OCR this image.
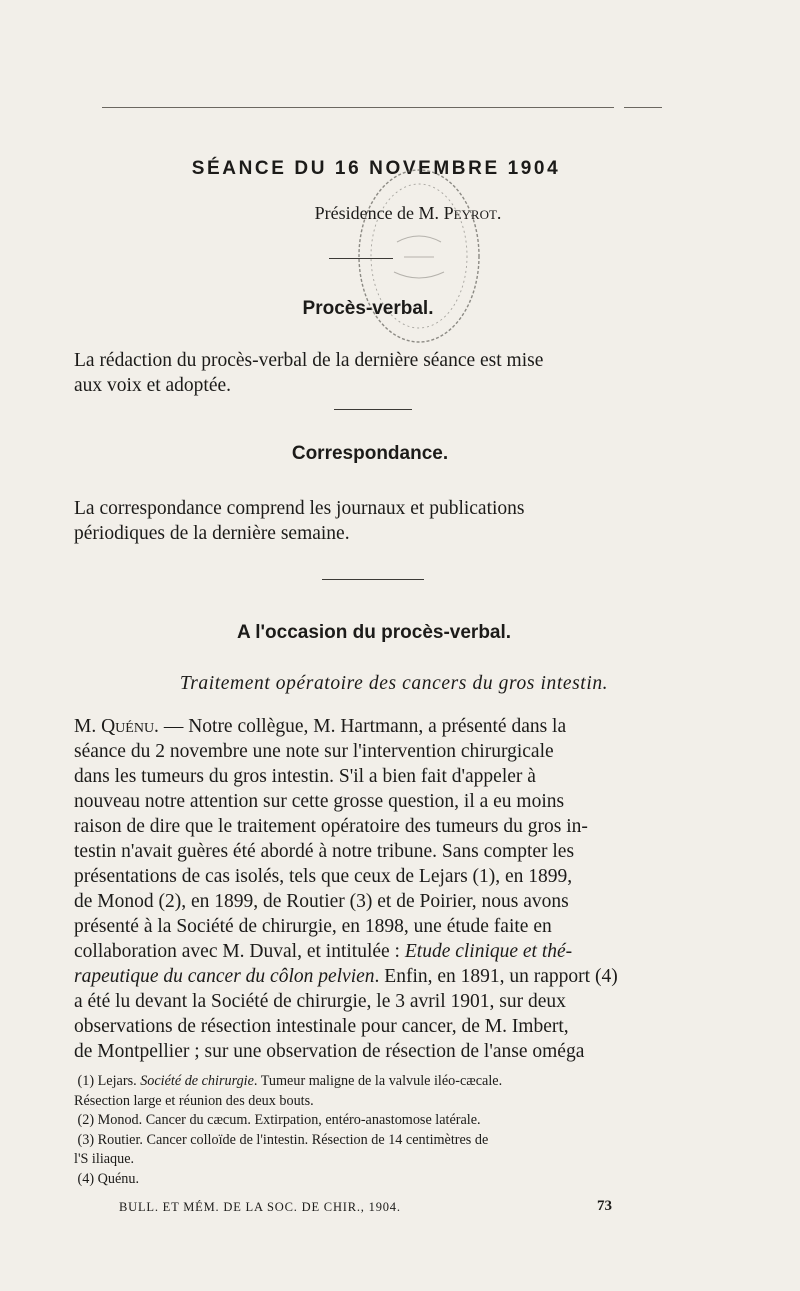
SÉANCE DU 16 NOVEMBRE 1904
Présidence de M. Peyrot.
Procès-verbal.
La rédaction du procès-verbal de la dernière séance est mise
aux voix et adoptée.
Correspondance.
La correspondance comprend les journaux et publications
périodiques de la dernière semaine.
A l'occasion du procès-verbal.
Traitement opératoire des cancers du gros intestin.
M. Quénu. — Notre collègue, M. Hartmann, a présenté dans la
séance du 2 novembre une note sur l'intervention chirurgicale
dans les tumeurs du gros intestin. S'il a bien fait d'appeler à
nouveau notre attention sur cette grosse question, il a eu moins
raison de dire que le traitement opératoire des tumeurs du gros in-
testin n'avait guères été abordé à notre tribune. Sans compter les
présentations de cas isolés, tels que ceux de Lejars (1), en 1899,
de Monod (2), en 1899, de Routier (3) et de Poirier, nous avons
présenté à la Société de chirurgie, en 1898, une étude faite en
collaboration avec M. Duval, et intitulée : Etude clinique et thé-
rapeutique du cancer du côlon pelvien. Enfin, en 1891, un rapport (4)
a été lu devant la Société de chirurgie, le 3 avril 1901, sur deux
observations de résection intestinale pour cancer, de M. Imbert,
de Montpellier ; sur une observation de résection de l'anse oméga
(1) Lejars. Société de chirurgie. Tumeur maligne de la valvule iléo-cæcale.
Résection large et réunion des deux bouts.
(2) Monod. Cancer du cæcum. Extirpation, entéro-anastomose latérale.
(3) Routier. Cancer colloïde de l'intestin. Résection de 14 centimètres de
l'S iliaque.
(4) Quénu.
BULL. ET MÉM. DE LA SOC. DE CHIR., 1904.	73
